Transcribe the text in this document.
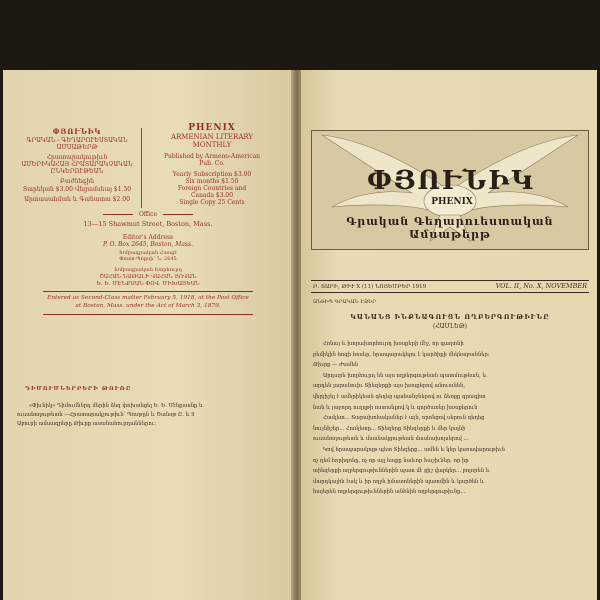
ՓՅՈՒՆԻԿ
ԳՐԱԿԱՆ - ԳԵՂԱՐՈՒԵՍՏԱԿԱՆ
ԱՄՍԱԹԵՐԹ
Հրատարակութիւն
ԱՄԵՐԻԿԱՀԱՅ ՀՐԱՏԱՐԱԿՉԱԿԱՆ
ԸՆԿԵՐՈՒԹԵԱՆ
Բաժնեգին
Տարեկան $3.00 Վեցամսեայ $1.50
Արտասահման և Գանատա $2.00
PHENIX
ARMENIAN LITERARY
MONTHLY
Published by Armeno-American
Pub. Co.
Yearly Subscription $3.00
Six months $1.50
Foreign Countries and
Canada $3.00
Single Copy 25 Cents
Office
13—15 Shawmut Street, Boston, Mass.
Editor's Address
P. O. Box 2645, Boston, Mass.
Խմբագրական Հասցէ
Փոստ-Պոքսի՝ Ն. 2645
Խմբագրական Խորհուրդ
ՇԱՀԱՆ ՆԱԹԱԼԻ ՎԱՀԱՆ ՅՈՎԱՆ
Ե. Ե. ՄԷՆՔՍԱՆ ՓՈՎ. ՄԻԽԱՅԵԱՆ
Entered as Second-Class matter February 5, 1918, at the Post Office
at Boston, Mass. under the Act of March 3, 1879.
ԴԻՄՈՒՄՆԵՐԲԵՐԻ ԹՈՒՌԸ
«Փիւնիկ» Դիմումներդ մերին ձեզ փոխանցել Ե. Ե. Մէնքսանը և
ուսանողութեան —Հրատարակչութիւն՝ Պոսթըն և Ծանօթ Ը. և 9
Աբուրի ամսագրերը Թիւրք ասանահուրդաններու:
ՓՅՈՒՆԻԿ
PHENIX
Գրական Գեղարուեստական Ամսաթերթ
Բ. ՏԱՐԻ, ԹԻՒ X (11) ՆՈՅԵՄԲԵՐ 1919	VOL. II, No. X, NOVEMBER
ԱՆՏԻՊ ԳՐԱԿԱՆ ԷՋԵՐ
ԿԱՆԱՆՑ ԻՆՔՆԱԳՈՒՑՆ ՈՂԲԵՐԳՈՒԹԻՒՆԸ
(ՀԱՄԼԵԹ)
Հոնայ և խորախորհուրդ խօսքերի մէջ, որ գաղտնի
բեմիկին հոգի հոսեր, հրապարակելու է կարծիքի մեկնաբաններ:
Թիւրք — Ժամեն
Արդարե խորհուրդ են այս ողբերգութեան պատմութեան, և
արդեն լարանուիւ Տիեզերքի այս խօսքերով անուանեն,
վերյիշել է ամերիկեան գեղեց պահանջներով ու ձեռքը գրագիտ
նան և յաջորդ ուղղթի ոստանքով կ և գործառեր խօսքերուն
Համլետ... Տարախոհականեր է այն, որոնցով սերուն զեղեց
նույնիշեր... Համլետը... Տիեզերք Տիեզերքի և մեր կալնի
ուսանողութեան և մասնակցութեան մասնախոյսերով ...
Կով հրապարակոյթ պետ Տիեզերք... ամեն և կեր կառավարութիւն
ոչ դեմ հորիզոնը, ոչ որ այլ եաքը նաևոր հաշիւներ, որ իր
տիեզերքի ողբերգութիւններին պատ մէ ցիշ վարկեր... բոլորեն և
մարդկային էակ և իր ողջն իմաստներին պատմին և կարծեն և
հայերեն ողբերգութիւններին անհնին ողբերգութիւնը...
